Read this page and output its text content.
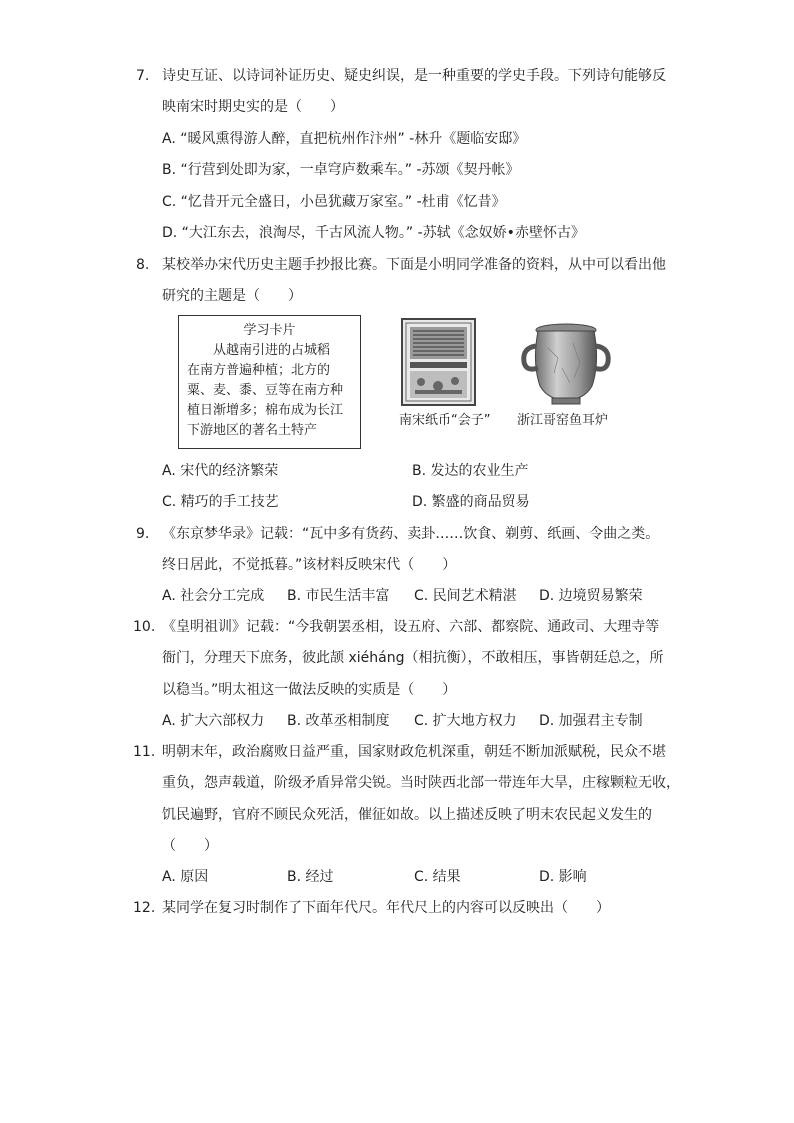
7. 诗史互证、以诗词补证历史、疑史纠误，是一种重要的学史手段。下列诗句能够反
映南宋时期史实的是（　　）
A. “暖风熏得游人醉，直把杭州作汴州” -林升《题临安邸》
B. “行营到处即为家，一卓穹庐数乘车。” -苏颂《契丹帐》
C. “忆昔开元全盛日，小邑犹藏万家室。” -杜甫《忆昔》
D. “大江东去，浪淘尽，千古风流人物。” -苏轼《念奴娇•赤壁怀古》
8. 某校举办宋代历史主题手抄报比赛。下面是小明同学准备的资料，从中可以看出他
研究的主题是（　　）
学习卡片
　　从越南引进的占城稻
在南方普遍种植；北方的
粟、麦、黍、豆等在南方种
植日渐增多；棉布成为长江
下游地区的著名土特产
南宋纸币“会子” 浙江哥窑鱼耳炉
A. 宋代的经济繁荣	B. 发达的农业生产
C. 精巧的手工技艺	D. 繁盛的商品贸易
9. 《东京梦华录》记载：“瓦中多有货药、卖卦……饮食、剃剪、纸画、令曲之类。
终日居此，不觉抵暮。”该材料反映宋代（　　）
A. 社会分工完成 B. 市民生活丰富 C. 民间艺术精湛 D. 边境贸易繁荣
10. 《皇明祖训》记载：“今我朝罢丞相，设五府、六部、都察院、通政司、大理寺等
衙门，分理天下庶务，彼此颉 xiéháng（相抗衡），不敢相压，事皆朝廷总之，所
以稳当。”明太祖这一做法反映的实质是（　　）
A. 扩大六部权力 B. 改革丞相制度 C. 扩大地方权力 D. 加强君主专制
11. 明朝末年，政治腐败日益严重，国家财政危机深重，朝廷不断加派赋税，民众不堪
重负，怨声载道，阶级矛盾异常尖锐。当时陕西北部一带连年大旱，庄稼颗粒无收，
饥民遍野，官府不顾民众死活，催征如故。以上描述反映了明末农民起义发生的
（　　）
A. 原因	B. 经过	C. 结果	D. 影响
12. 某同学在复习时制作了下面年代尺。年代尺上的内容可以反映出（　　）
